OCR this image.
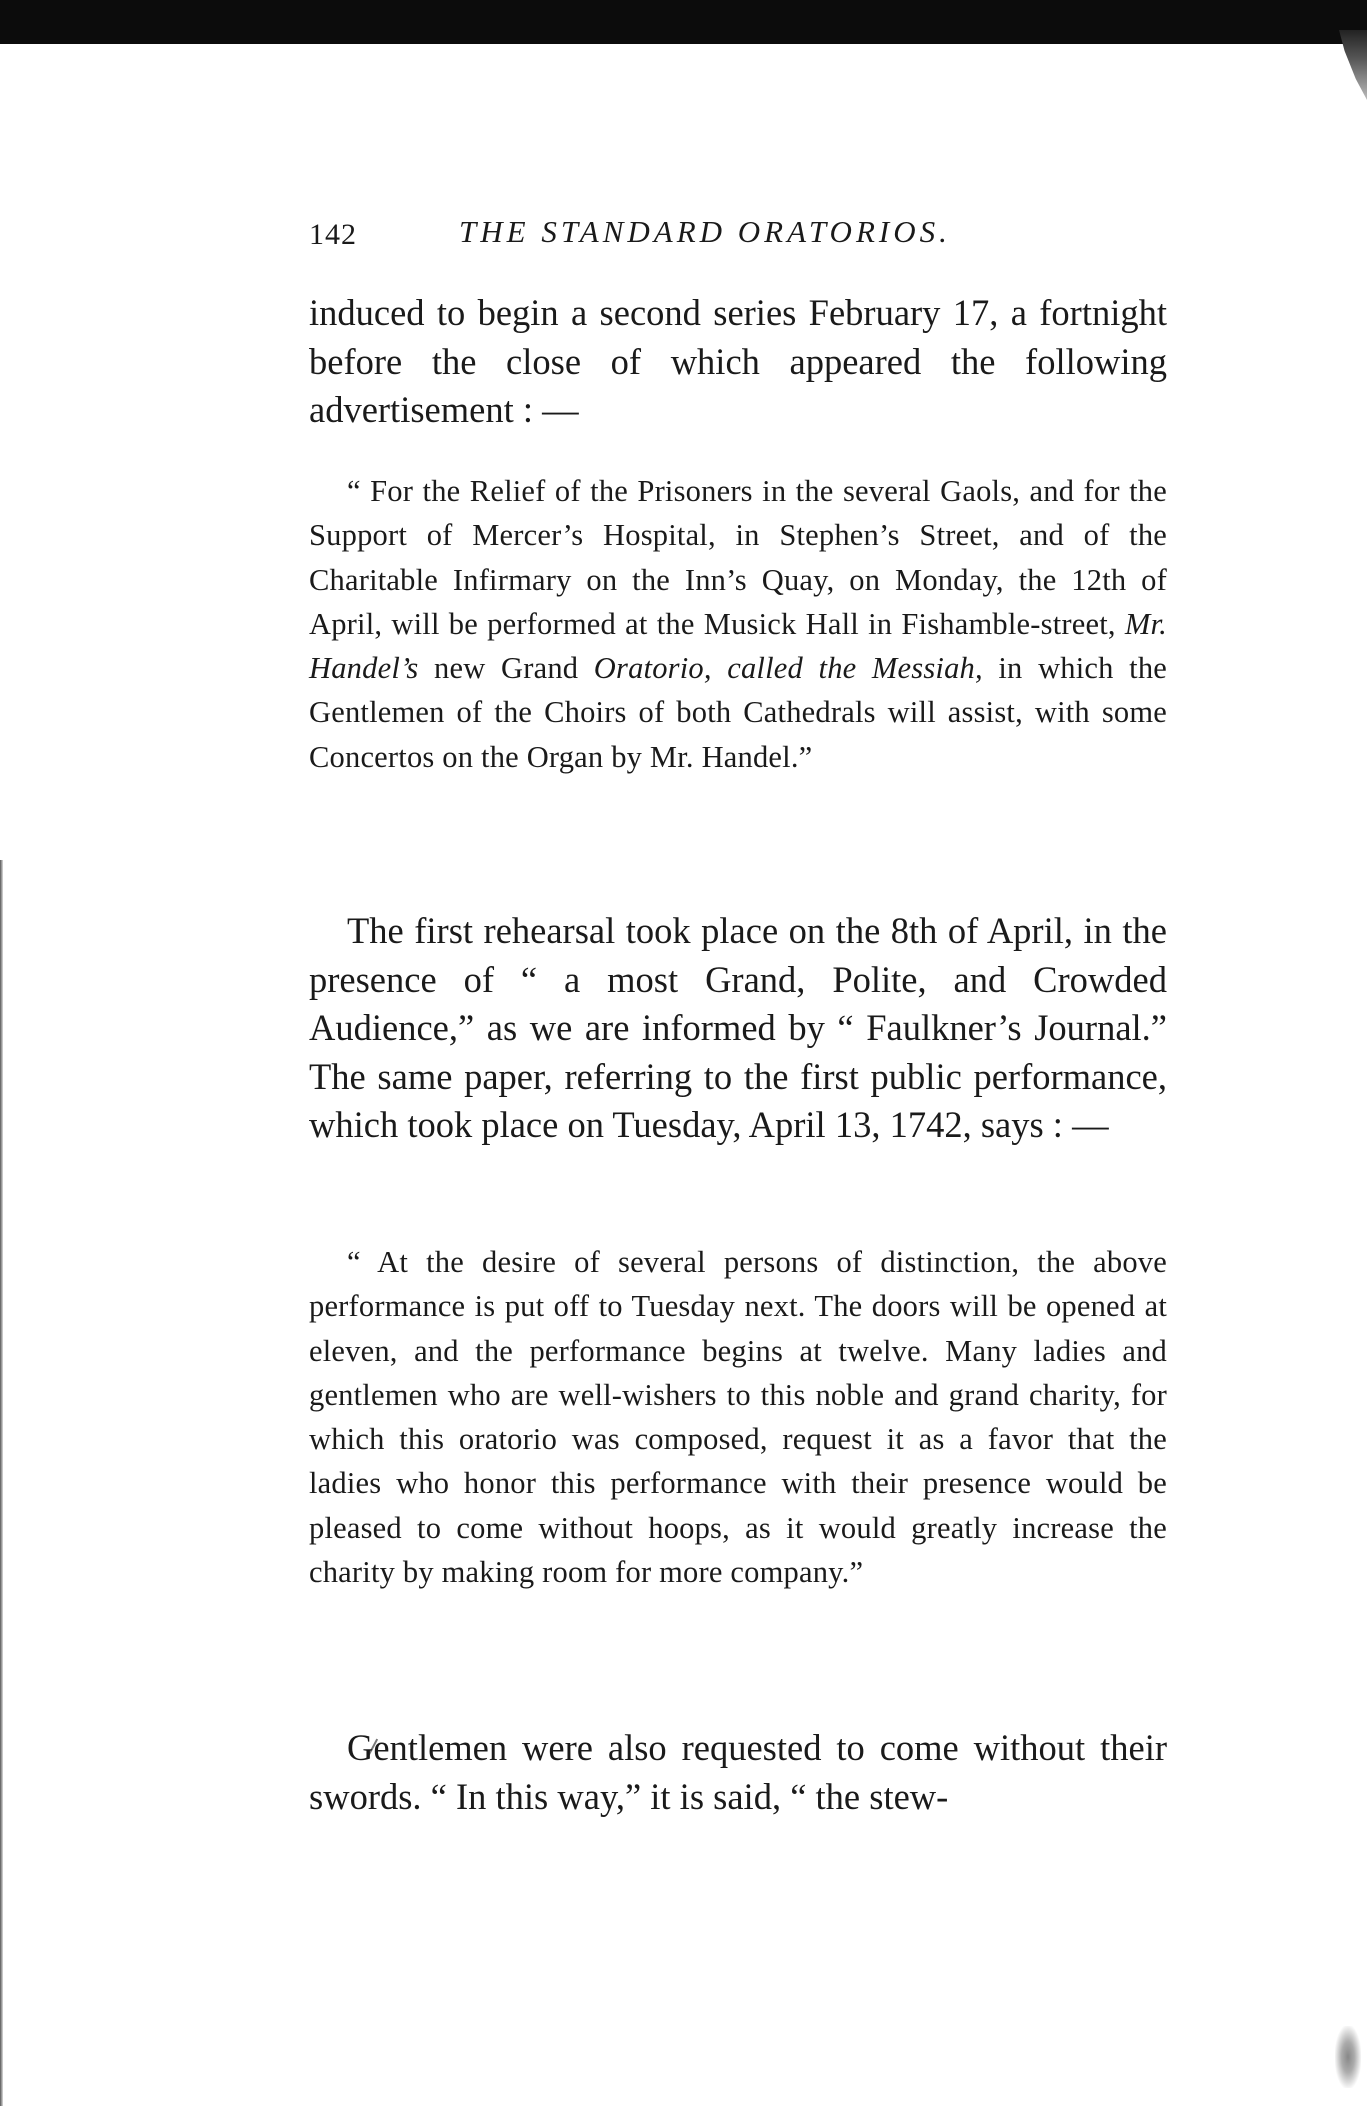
142	THE STANDARD ORATORIOS.

induced to begin a second series February 17, a fortnight before the close of which appeared the following advertisement : —

“ For the Relief of the Prisoners in the several Gaols, and for the Support of Mercer’s Hospital, in Stephen’s Street, and of the Charitable Infirmary on the Inn’s Quay, on Monday, the 12th of April, will be performed at the Musick Hall in Fishamble-street, Mr. Handel’s new Grand Oratorio, called the Messiah, in which the Gentlemen of the Choirs of both Cathedrals will assist, with some Concertos on the Organ by Mr. Handel.”

The first rehearsal took place on the 8th of April, in the presence of “ a most Grand, Polite, and Crowded Audience,” as we are informed by “ Faulkner’s Journal.” The same paper, referring to the first public performance, which took place on Tuesday, April 13, 1742, says : —

“ At the desire of several persons of distinction, the above performance is put off to Tuesday next. The doors will be opened at eleven, and the performance begins at twelve. Many ladies and gentlemen who are well-wishers to this noble and grand charity, for which this oratorio was composed, request it as a favor that the ladies who honor this performance with their presence would be pleased to come without hoops, as it would greatly increase the charity by making room for more company.”

Gentlemen were also requested to come without their swords. “ In this way,” it is said, “ the stew-
